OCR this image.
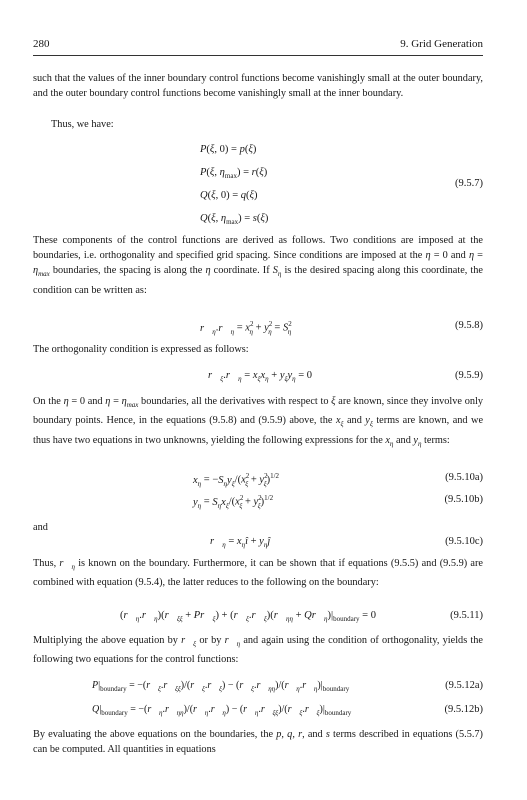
280	9. Grid Generation
such that the values of the inner boundary control functions become vanishingly small at the outer boundary, and the outer boundary control functions become vanishingly small at the inner boundary.
Thus, we have:
P(ξ, 0) = p(ξ)
P(ξ, $\eta_{max}) = r(\xi)$
Q(ξ, 0) = q(ξ)
Q(ξ, $\eta_{max}) = s(\xi)$
(9.5.7)
These components of the control functions are derived as follows. Two conditions are imposed at the boundaries, i.e. orthogonality and specified grid spacing. Since conditions are imposed at the η = 0 and $\eta = \eta_{max}$ boundaries, the spacing is along the η coordinate. If $S_\eta$ is the desired spacing along this coordinate, the condition can be written as:
$r⃗_\eta.r⃗_\eta = x^2_\eta + y^2_\eta = S^2_\eta$
(9.5.8)
The orthogonality condition is expressed as follows:
$r⃗_\xi.r⃗_\eta = x_\xi x_\eta + y_\xi y_\eta = 0$	(9.5.9)
On the η = 0 and $\eta = \eta_{max}$ boundaries, all the derivatives with respect to ξ are known, since they involve only boundary points. Hence, in the equations (9.5.8) and (9.5.9) above, the $x_\xi$ and $y_\xi$ terms are known, and we thus have two equations in two unknowns, yielding the following expressions for the $x_\eta$ and $y_\eta$ terms:
$x_\eta = -S_\eta y_\xi/(x^2_\xi + y^2_\xi)^{1/2}$	(9.5.10a)
$y_\eta = S_\eta x_\xi/(x^2_\xi + y^2_\xi)^{1/2}$	(9.5.10b)
and
$r⃗_\eta$ = $x_\eta î$ + $y_\eta ĵ$	(9.5.10c)
Thus, $r⃗_\eta$ is known on the boundary. Furthermore, it can be shown that if equations (9.5.5) and (9.5.9) are combined with equation (9.5.4), the latter reduces to the following on the boundary:
$(r⃗_\eta.r⃗_\eta)(r⃗_{\xi\xi}$ + $Pr⃗_\xi$) + $(r⃗_\xi.r⃗_\xi)(r⃗_{\eta\eta}$ + $Qr⃗_\eta)|_{boundary} = 0$	(9.5.11)
Multiplying the above equation by $r⃗_\xi$ or by $r⃗_\eta$ and again using the condition of orthogonality, yields the following two equations for the control functions:
$P|_{boundary}$ = $-(r⃗_\xi.r⃗_{\xi\xi})/(r⃗_\xi.r⃗_\xi)$ − $(r⃗_\xi.r⃗_{\eta\eta})/(r⃗_\eta.r⃗_\eta)|_{boundary}$	(9.5.12a)
$Q|_{boundary}$ = $-(r⃗_\eta.r⃗_{\eta\eta})/(r⃗_\eta.r⃗_\eta)$ − $(r⃗_\eta.r⃗_{\xi\xi})/(r⃗_\xi.r⃗_\xi)|_{boundary}$	(9.5.12b)
By evaluating the above equations on the boundaries, the p, q, r, and s terms described in equations (5.5.7) can be computed. All quantities in equations
